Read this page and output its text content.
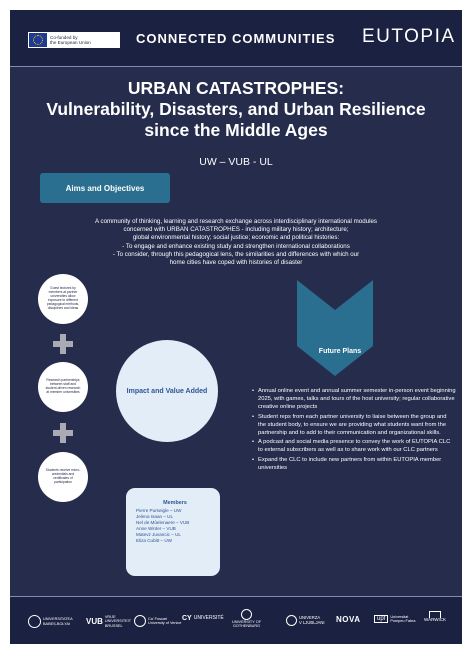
Co-funded by
the European Union	CONNECTED COMMUNITIES EUTOPIA
URBAN CATASTROPHES:
Vulnerability, Disasters, and Urban Resilience
since the Middle Ages
UW – VUB - UL
Aims and Objectives
A community of thinking, learning and research exchange across interdisciplinary international modules
concerned with URBAN CATASTROPHES - including military history; architecture;
global environmental history; social justice; economic and political histories:
- To engage and enhance existing study and strengthen international collaborations
- To consider, through this pedagogical lens, the similarities and differences with which our
home cities have coped with histories of disaster
Guest lectures by members at partner universities allow exposure to different pedagogical methods, disciplines and ideas
Research partnerships between staff and student-driven research at member universities
Students receive micro-credentials and certificates of participation
Impact and Value Added
Members
Pierre Purseigle – UW
Jelena Isaan – UL
Nel de Mûelenaere – VUB
Anne Winter – VUB
Matevz Juvancic – UL
Eliza Cubitt – UW
Future Plans
• Annual online event and annual summer semester in-person event beginning 2025, with games, talks and tours of the host university; regular collaborative creative online projects
• Student reps from each partner university to liaise between the group and the student body, to ensure we are providing what students want from the partnership and to add to their communication and organizational skills.
• A podcast and social media presence to convey the work of EUTOPIA CLC to external subscribers as well as to share work with our CLC partners
• Expand the CLC to include new partners from within EUTOPIA member universities
UNIVERSITATEA
BABEȘ-BOLYAI	VUB
VRIJE UNIVERSITEIT BRUSSEL
Ca' Foscari
University of Venice
CY UNIVERSITÉ
UNIVERSITY OF
GOTHENBURG
UNIVERZA
V LJUBLJANI NOVA	upf	Universitat Pompeu Fabra	WARWICK
